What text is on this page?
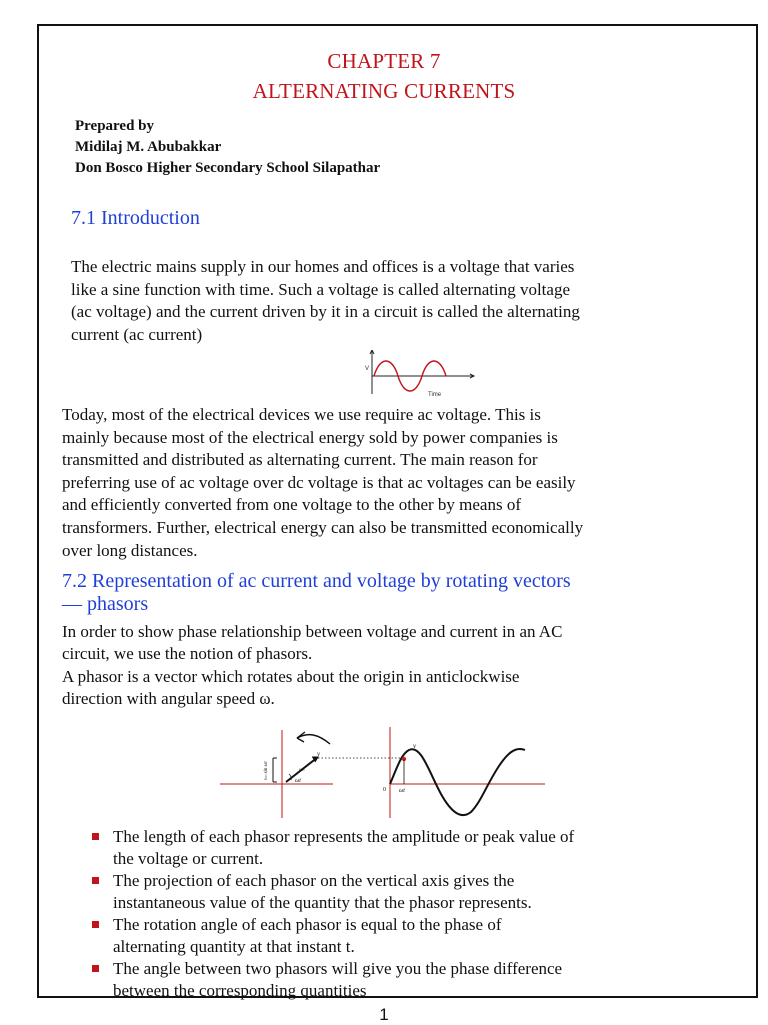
CHAPTER 7
ALTERNATING CURRENTS
Prepared by
Midilaj M. Abubakkar
Don Bosco Higher Secondary School Silapathar
7.1 Introduction
The electric mains supply in our homes and offices is a voltage that varies
like a sine function with time. Such a voltage is called alternating voltage
(ac voltage) and the current driven by it in a circuit is called the alternating
current (ac current)
V
Time
Today, most of the electrical devices we use require ac voltage. This is
mainly because most of the electrical energy sold by power companies is
transmitted and distributed as alternating current. The main reason for
preferring use of ac voltage over dc voltage is that ac voltages can be easily
and efficiently converted from one voltage to the other by means of
transformers. Further, electrical energy can also be transmitted economically
over long distances.
7.2 Representation of ac current and voltage by rotating vectors
— phasors
In order to show phase relationship between voltage and current in an AC
circuit, we use the notion of phasors.
A phasor is a vector which rotates about the origin in anticlockwise
direction with angular speed ω.
v
vₘ
ωt
vₘ sin ωt
v
0 ωt
The length of each phasor represents the amplitude or peak value of
the voltage or current.
The projection of each phasor on the vertical axis gives the
instantaneous value of the quantity that the phasor represents.
The rotation angle of each phasor is equal to the phase of
alternating quantity at that instant t.
The angle between two phasors will give you the phase difference
between the corresponding quantities
1
